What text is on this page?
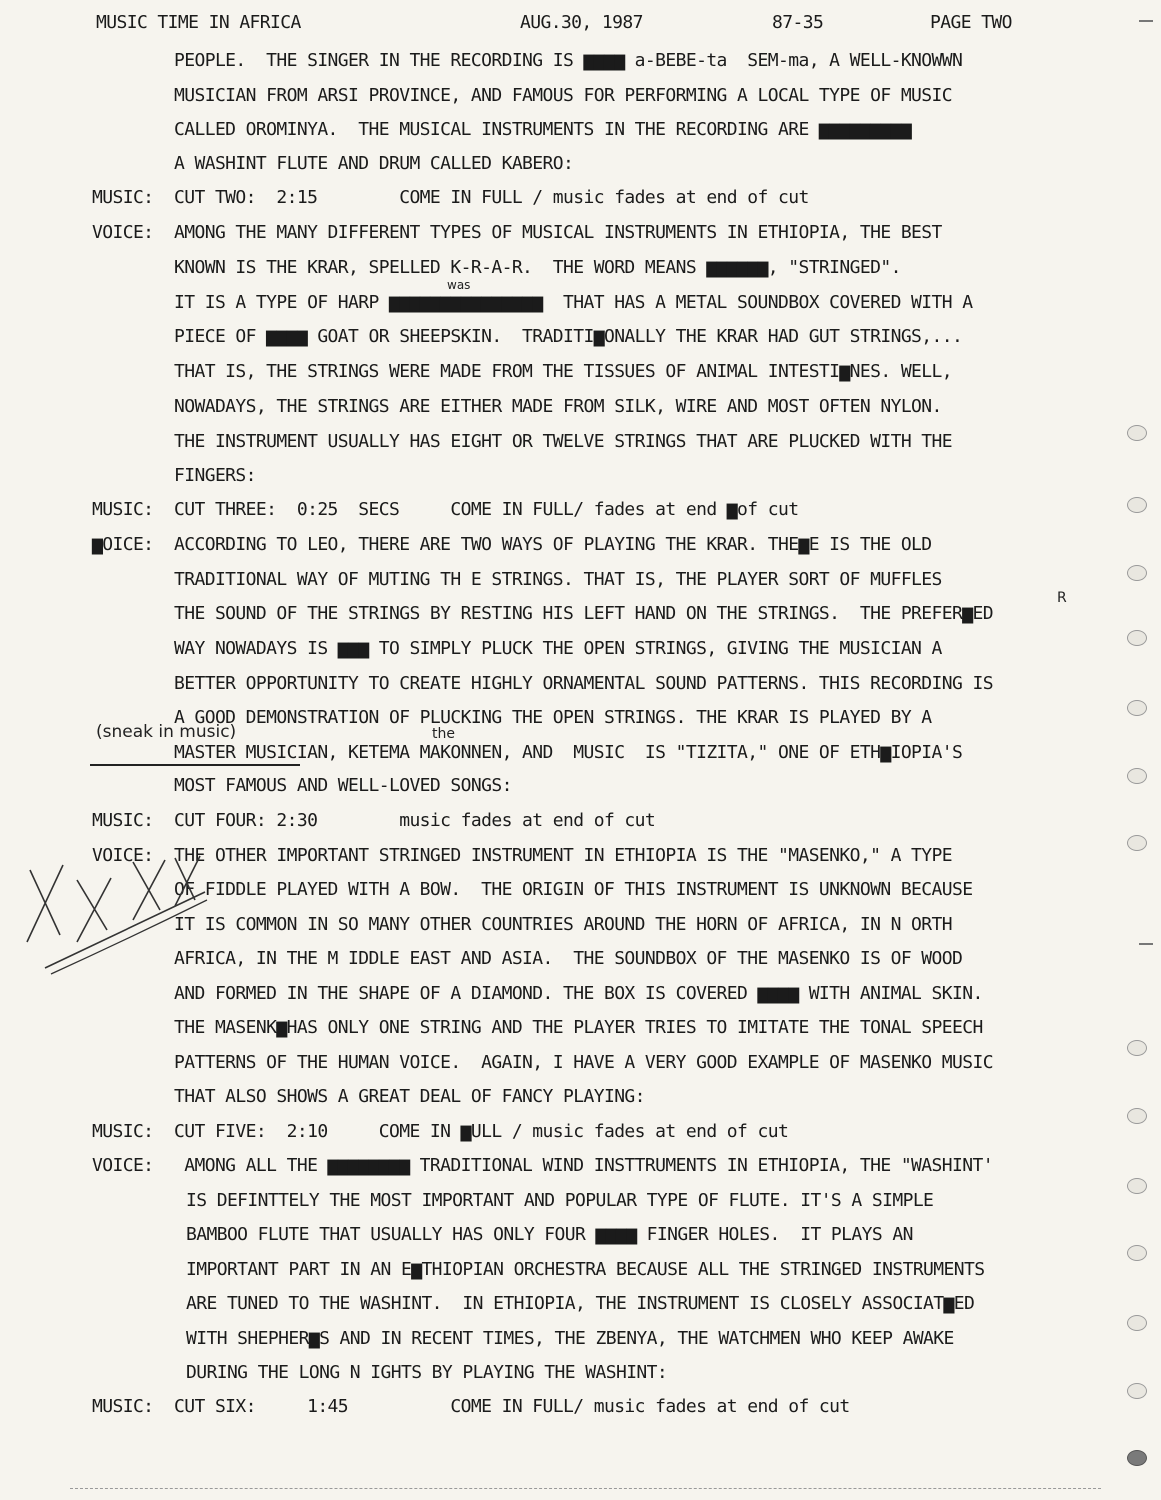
MUSIC TIME IN AFRICA	AUG.30, 1987	87-35	PAGE TWO
PEOPLE.  THE SINGER IN THE RECORDING IS ▆▆▆▆ a-BEBE-ta  SEM-ma, A WELL-KNOWWN
MUSICIAN FROM ARSI PROVINCE, AND FAMOUS FOR PERFORMING A LOCAL TYPE OF MUSIC
CALLED OROMINYA.  THE MUSICAL INSTRUMENTS IN THE RECORDING ARE ▆▆▆▆▆▆▆▆▆
A WASHINT FLUTE AND DRUM CALLED KABERO:
MUSIC: CUT TWO:  2:15        COME IN FULL / music fades at end of cut
VOICE: AMONG THE MANY DIFFERENT TYPES OF MUSICAL INSTRUMENTS IN ETHIOPIA, THE BEST
KNOWN IS THE KRAR, SPELLED K-R-A-R.  THE WORD MEANS ▆▆▆▆▆▆, "STRINGED".
IT IS A TYPE OF HARP ▆▆▆▆▆▆▆▆▆▆▆▆▆▆▆  THAT HAS A METAL SOUNDBOX COVERED WITH A
PIECE OF ▆▆▆▆ GOAT OR SHEEPSKIN.  TRADITI▆ONALLY THE KRAR HAD GUT STRINGS,...
THAT IS, THE STRINGS WERE MADE FROM THE TISSUES OF ANIMAL INTESTI▆NES. WELL,
NOWADAYS, THE STRINGS ARE EITHER MADE FROM SILK, WIRE AND MOST OFTEN NYLON.
THE INSTRUMENT USUALLY HAS EIGHT OR TWELVE STRINGS THAT ARE PLUCKED WITH THE
FINGERS:
MUSIC: CUT THREE:  0:25  SECS     COME IN FULL/ fades at end ▆of cut
▆OICE: ACCORDING TO LEO, THERE ARE TWO WAYS OF PLAYING THE KRAR. THE▆E IS THE OLD
TRADITIONAL WAY OF MUTING TH E STRINGS. THAT IS, THE PLAYER SORT OF MUFFLES
THE SOUND OF THE STRINGS BY RESTING HIS LEFT HAND ON THE STRINGS.  THE PREFER▆ED
WAY NOWADAYS IS ▆▆▆ TO SIMPLY PLUCK THE OPEN STRINGS, GIVING THE MUSICIAN A
BETTER OPPORTUNITY TO CREATE HIGHLY ORNAMENTAL SOUND PATTERNS. THIS RECORDING IS
A GOOD DEMONSTRATION OF PLUCKING THE OPEN STRINGS. THE KRAR IS PLAYED BY A
MASTER MUSICIAN, KETEMA MAKONNEN, AND  MUSIC  IS "TIZITA," ONE OF ETH▆IOPIA'S
MOST FAMOUS AND WELL-LOVED SONGS:
MUSIC: CUT FOUR: 2:30        music fades at end of cut
VOICE: THE OTHER IMPORTANT STRINGED INSTRUMENT IN ETHIOPIA IS THE "MASENKO," A TYPE
OF FIDDLE PLAYED WITH A BOW.  THE ORIGIN OF THIS INSTRUMENT IS UNKNOWN BECAUSE
IT IS COMMON IN SO MANY OTHER COUNTRIES AROUND THE HORN OF AFRICA, IN N ORTH
AFRICA, IN THE M IDDLE EAST AND ASIA.  THE SOUNDBOX OF THE MASENKO IS OF WOOD
AND FORMED IN THE SHAPE OF A DIAMOND. THE BOX IS COVERED ▆▆▆▆ WITH ANIMAL SKIN.
THE MASENK▆HAS ONLY ONE STRING AND THE PLAYER TRIES TO IMITATE THE TONAL SPEECH
PATTERNS OF THE HUMAN VOICE.  AGAIN, I HAVE A VERY GOOD EXAMPLE OF MASENKO MUSIC
THAT ALSO SHOWS A GREAT DEAL OF FANCY PLAYING:
MUSIC: CUT FIVE:  2:10     COME IN ▆ULL / music fades at end of cut
VOICE: AMONG ALL THE ▆▆▆▆▆▆▆▆ TRADITIONAL WIND INSTTRUMENTS IN ETHIOPIA, THE "WASHINT'
IS DEFINTTELY THE MOST IMPORTANT AND POPULAR TYPE OF FLUTE. IT'S A SIMPLE
BAMBOO FLUTE THAT USUALLY HAS ONLY FOUR ▆▆▆▆ FINGER HOLES.  IT PLAYS AN
IMPORTANT PART IN AN E▆THIOPIAN ORCHESTRA BECAUSE ALL THE STRINGED INSTRUMENTS
ARE TUNED TO THE WASHINT.  IN ETHIOPIA, THE INSTRUMENT IS CLOSELY ASSOCIAT▆ED
WITH SHEPHER▆S AND IN RECENT TIMES, THE ZBENYA, THE WATCHMEN WHO KEEP AWAKE
DURING THE LONG N IGHTS BY PLAYING THE WASHINT:
MUSIC: CUT SIX:     1:45          COME IN FULL/ music fades at end of cut
(sneak in music)	the
was
R
